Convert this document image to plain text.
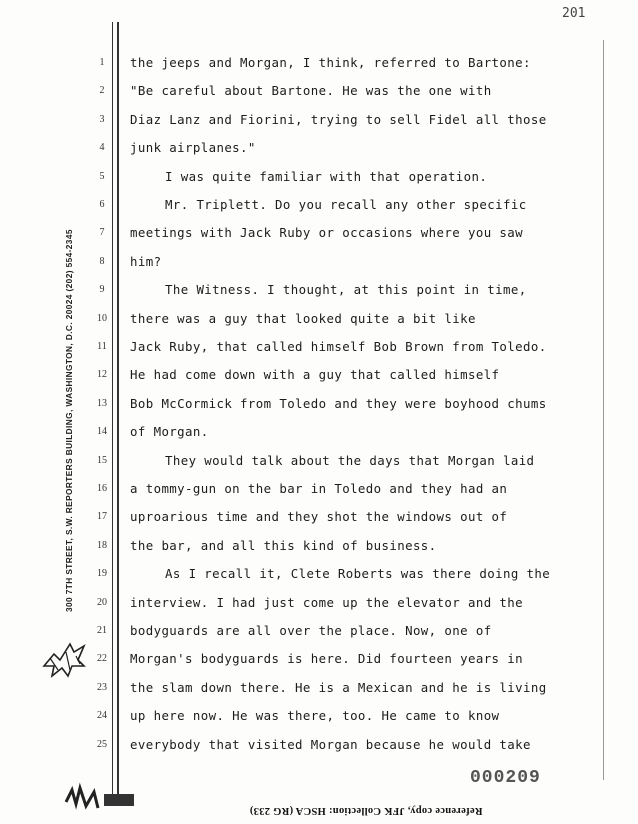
201
300 7TH STREET, S.W. REPORTERS BUILDING, WASHINGTON, D.C. 20024 (202) 554-2345
1	the jeeps and Morgan, I think, referred to Bartone:
2	"Be careful about Bartone. He was the one with
3	Diaz Lanz and Fiorini, trying to sell Fidel all those
4	junk airplanes."
5	I was quite familiar with that operation.
6	Mr. Triplett. Do you recall any other specific
7	meetings with Jack Ruby or occasions where you saw
8	him?
9	The Witness. I thought, at this point in time,
10 there was a guy that looked quite a bit like
11 Jack Ruby, that called himself Bob Brown from Toledo.
12 He had come down with a guy that called himself
13 Bob McCormick from Toledo and they were boyhood chums
14 of Morgan.
15	They would talk about the days that Morgan laid
16 a tommy-gun on the bar in Toledo and they had an
17 uproarious time and they shot the windows out of
18 the bar, and all this kind of business.
19	As I recall it, Clete Roberts was there doing the
20 interview. I had just come up the elevator and the
21 bodyguards are all over the place. Now, one of
22 Morgan's bodyguards is here. Did fourteen years in
23 the slam down there. He is a Mexican and he is living
24 up here now. He was there, too. He came to know
25 everybody that visited Morgan because he would take
000209
Reference copy, JFK Collection: HSCA (RG 233)
